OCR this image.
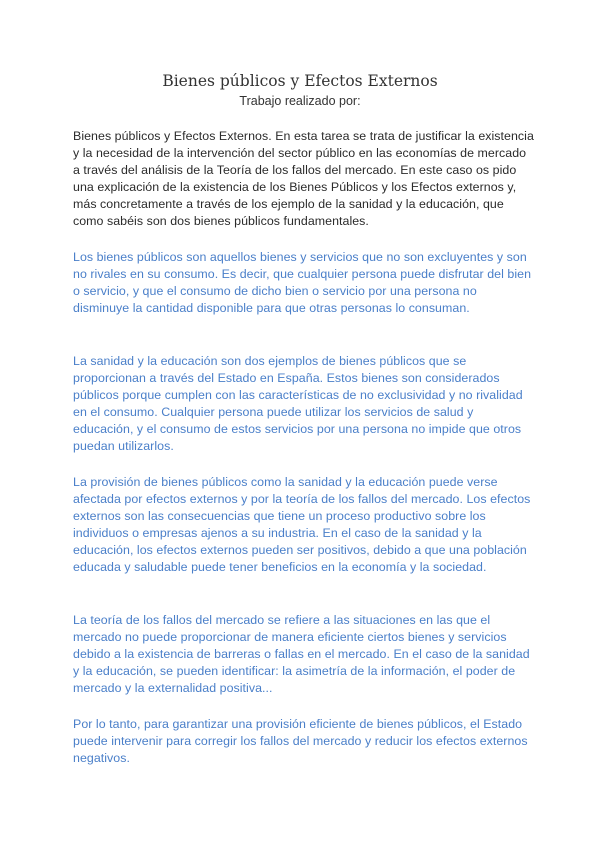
Bienes públicos y Efectos Externos

Trabajo realizado por:

Bienes públicos y Efectos Externos. En esta tarea se trata de justificar la existencia y la necesidad de la intervención del sector público en las economías de mercado a través del análisis de la Teoría de los fallos del mercado. En este caso os pido una explicación de la existencia de los Bienes Públicos y los Efectos externos y, más concretamente a través de los ejemplo de la sanidad y la educación, que como sabéis son dos bienes públicos fundamentales.

Los bienes públicos son aquellos bienes y servicios que no son excluyentes y son no rivales en su consumo. Es decir, que cualquier persona puede disfrutar del bien o servicio, y que el consumo de dicho bien o servicio por una persona no disminuye la cantidad disponible para que otras personas lo consuman.

La sanidad y la educación son dos ejemplos de bienes públicos que se proporcionan a través del Estado en España. Estos bienes son considerados públicos porque cumplen con las características de no exclusividad y no rivalidad en el consumo. Cualquier persona puede utilizar los servicios de salud y educación, y el consumo de estos servicios por una persona no impide que otros puedan utilizarlos.

La provisión de bienes públicos como la sanidad y la educación puede verse afectada por efectos externos y por la teoría de los fallos del mercado. Los efectos externos son las consecuencias que tiene un proceso productivo sobre los individuos o empresas ajenos a su industria. En el caso de la sanidad y la educación, los efectos externos pueden ser positivos, debido a que una población educada y saludable puede tener beneficios en la economía y la sociedad.

La teoría de los fallos del mercado se refiere a las situaciones en las que el mercado no puede proporcionar de manera eficiente ciertos bienes y servicios debido a la existencia de barreras o fallas en el mercado. En el caso de la sanidad y la educación, se pueden identificar: la asimetría de la información, el poder de mercado y la externalidad positiva...

Por lo tanto, para garantizar una provisión eficiente de bienes públicos, el Estado puede intervenir para corregir los fallos del mercado y reducir los efectos externos negativos.
